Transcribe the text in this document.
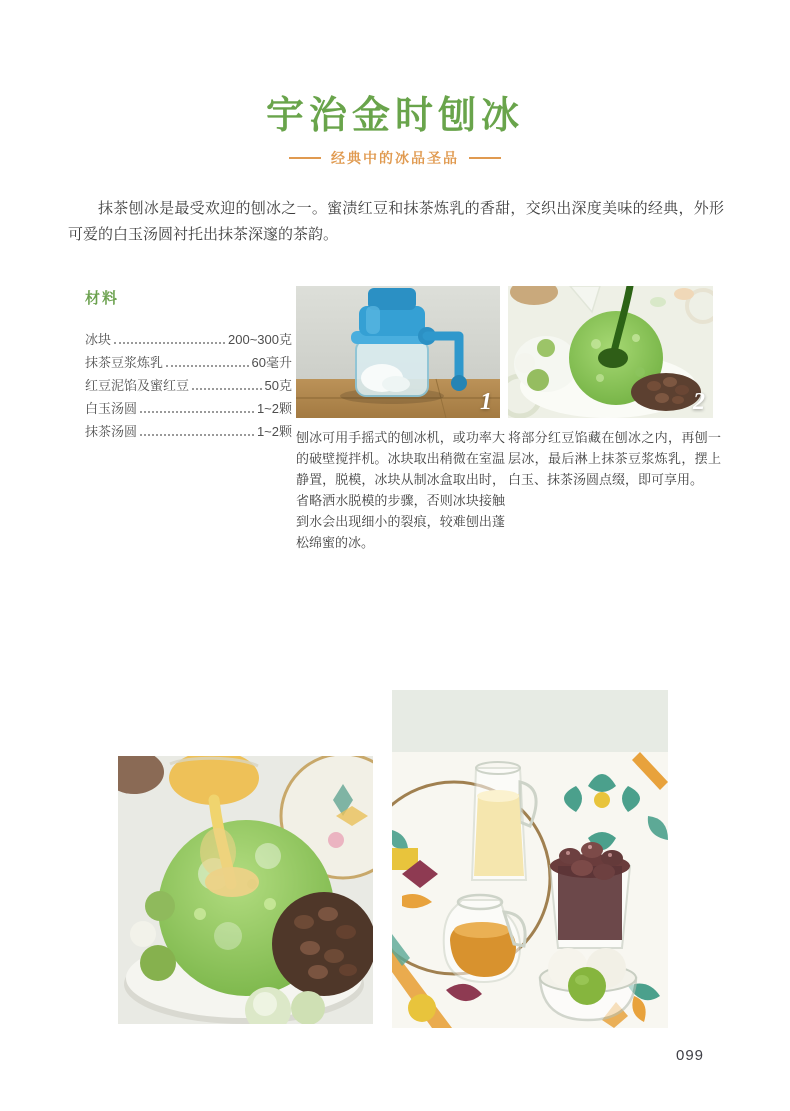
宇治金时刨冰
经典中的冰品圣品
抹茶刨冰是最受欢迎的刨冰之一。蜜渍红豆和抹茶炼乳的香甜，交织出深度美味的经典，外形可爱的白玉汤圆衬托出抹茶深邃的茶韵。
材料
冰块	200~300克
抹茶豆浆炼乳	60毫升
红豆泥馅及蜜红豆	50克
白玉汤圆	1~2颗
抹茶汤圆	1~2颗
1	2
刨冰可用手摇式的刨冰机，或功率大的破壁搅拌机。冰块取出稍微在室温静置，脱模，冰块从制冰盒取出时，省略洒水脱模的步骤，否则冰块接触到水会出现细小的裂痕，较难刨出蓬松绵蜜的冰。
将部分红豆馅藏在刨冰之内，再刨一层冰，最后淋上抹茶豆浆炼乳，摆上白玉、抹茶汤圆点缀，即可享用。
099
